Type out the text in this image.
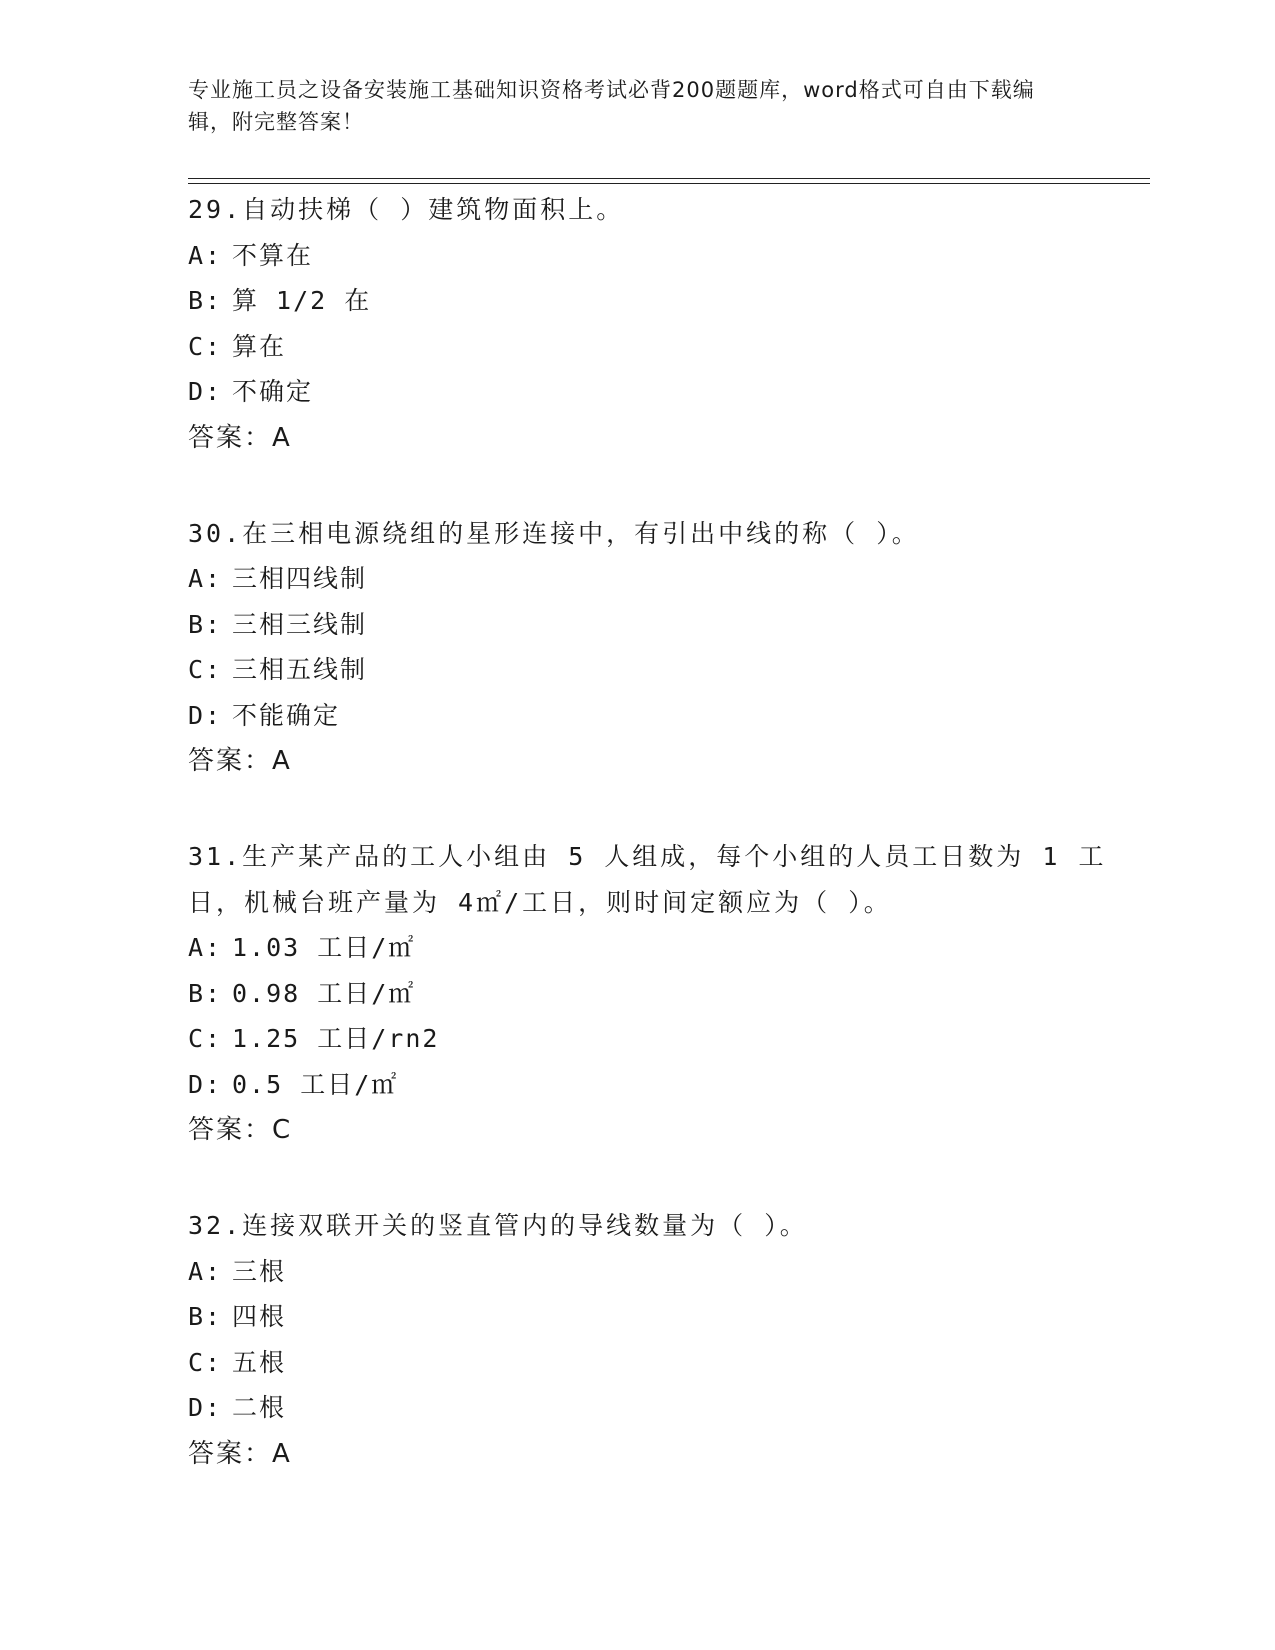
专业施工员之设备安装施工基础知识资格考试必背200题题库，word格式可自由下载编辑，附完整答案！
29.自动扶梯（ ）建筑物面积上。
A: 不算在
B: 算 1/2 在
C: 算在
D: 不确定
答案：A
30.在三相电源绕组的星形连接中，有引出中线的称（ ）。
A: 三相四线制
B: 三相三线制
C: 三相五线制
D: 不能确定
答案：A
31.生产某产品的工人小组由 5 人组成，每个小组的人员工日数为 1 工日，机械台班产量为 4㎡/工日，则时间定额应为（ ）。
A: 1.03 工日/㎡
B: 0.98 工日/㎡
C: 1.25 工日/rn2
D: 0.5 工日/㎡
答案：C
32.连接双联开关的竖直管内的导线数量为（ ）。
A: 三根
B: 四根
C: 五根
D: 二根
答案：A
